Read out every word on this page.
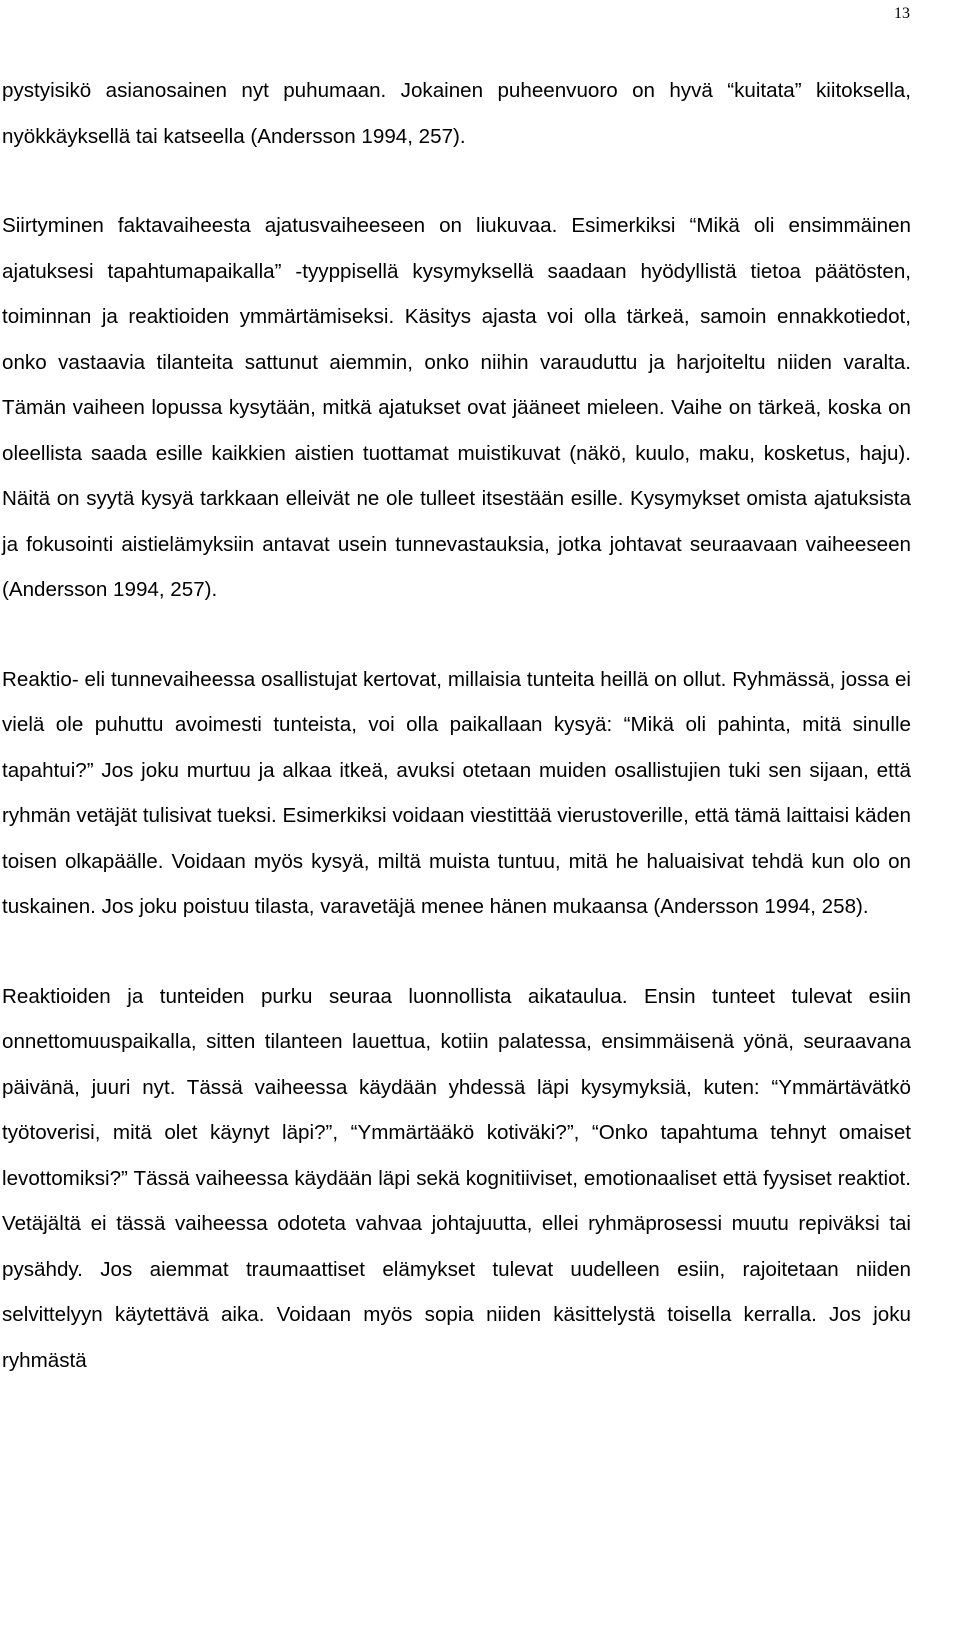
13

pystyisikö asianosainen nyt puhumaan. Jokainen puheenvuoro on hyvä “kuitata” kiitoksella, nyökkäyksellä tai katseella (Andersson 1994, 257).

Siirtyminen faktavaiheesta ajatusvaiheeseen on liukuvaa. Esimerkiksi “Mikä oli ensimmäinen ajatuksesi tapahtumapaikalla” -tyyppisellä kysymyksellä saadaan hyödyllistä tietoa päätösten, toiminnan ja reaktioiden ymmärtämiseksi. Käsitys ajasta voi olla tärkeä, samoin ennakkotiedot, onko vastaavia tilanteita sattunut aiemmin, onko niihin varauduttu ja harjoiteltu niiden varalta. Tämän vaiheen lopussa kysytään, mitkä ajatukset ovat jääneet mieleen. Vaihe on tärkeä, koska on oleellista saada esille kaikkien aistien tuottamat muistikuvat (näkö, kuulo, maku, kosketus, haju). Näitä on syytä kysyä tarkkaan elleivät ne ole tulleet itsestään esille. Kysymykset omista ajatuksista ja fokusointi aistielämyksiin antavat usein tunnevastauksia, jotka johtavat seuraavaan vaiheeseen (Andersson 1994, 257).

Reaktio- eli tunnevaiheessa osallistujat kertovat, millaisia tunteita heillä on ollut. Ryhmässä, jossa ei vielä ole puhuttu avoimesti tunteista, voi olla paikallaan kysyä: “Mikä oli pahinta, mitä sinulle tapahtui?” Jos joku murtuu ja alkaa itkeä, avuksi otetaan muiden osallistujien tuki sen sijaan, että ryhmän vetäjät tulisivat tueksi. Esimerkiksi voidaan viestittää vierustoverille, että tämä laittaisi käden toisen olkapäälle. Voidaan myös kysyä, miltä muista tuntuu, mitä he haluaisivat tehdä kun olo on tuskainen. Jos joku poistuu tilasta, varavetäjä menee hänen mukaansa (Andersson 1994, 258).

Reaktioiden ja tunteiden purku seuraa luonnollista aikataulua. Ensin tunteet tulevat esiin onnettomuuspaikalla, sitten tilanteen lauettua, kotiin palatessa, ensimmäisenä yönä, seuraavana päivänä, juuri nyt. Tässä vaiheessa käydään yhdessä läpi kysymyksiä, kuten: “Ymmärtävätkö työtoverisi, mitä olet käynyt läpi?”, “Ymmärtääkö kotiväki?”, “Onko tapahtuma tehnyt omaiset levottomiksi?” Tässä vaiheessa käydään läpi sekä kognitiiviset, emotionaaliset että fyysiset reaktiot. Vetäjältä ei tässä vaiheessa odoteta vahvaa johtajuutta, ellei ryhmäprosessi muutu repiväksi tai pysähdy. Jos aiemmat traumaattiset elämykset tulevat uudelleen esiin, rajoitetaan niiden selvittelyyn käytettävä aika. Voidaan myös sopia niiden käsittelystä toisella kerralla. Jos joku ryhmästä
